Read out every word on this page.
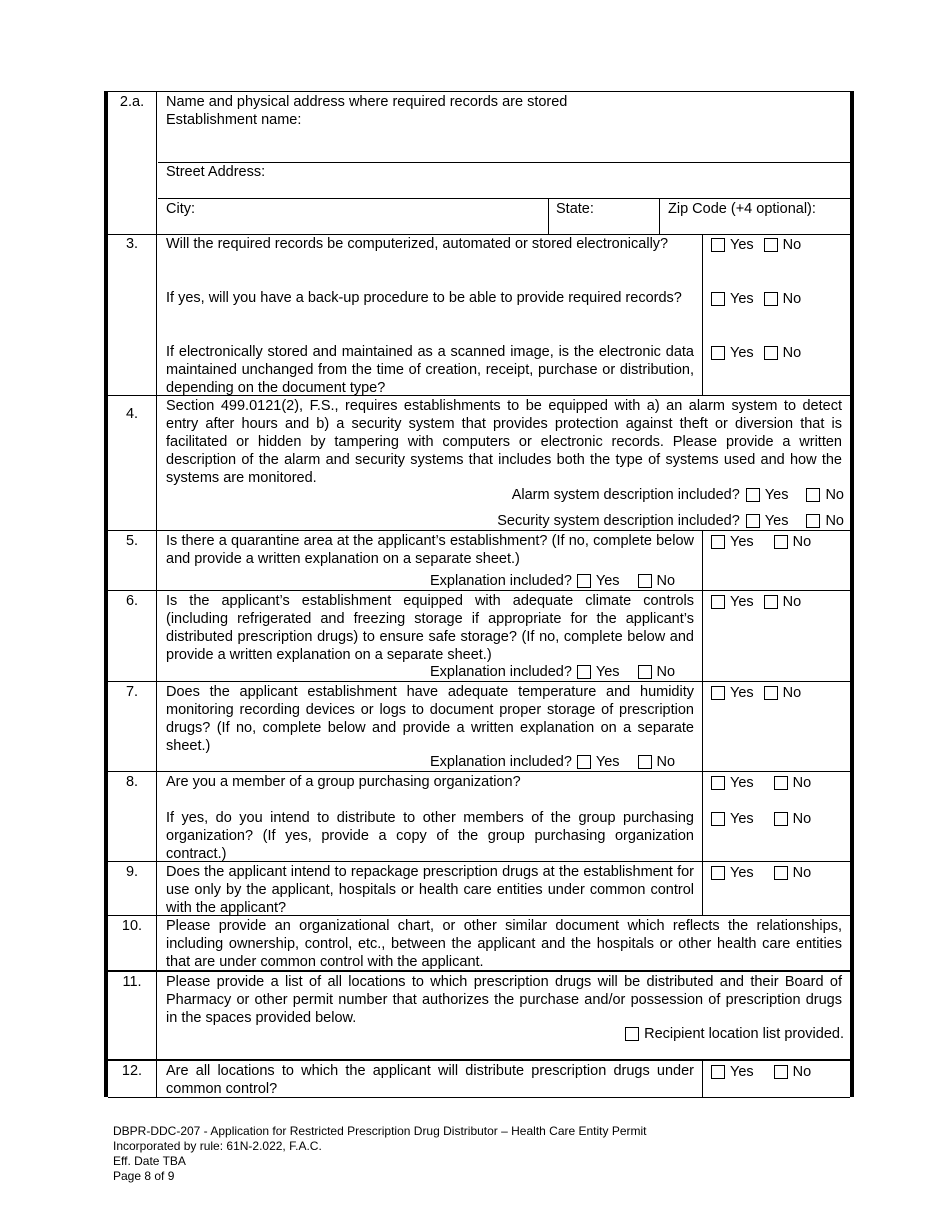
2.a.	Name and physical address where required records are stored
Establishment name:
Street Address:
City:	State:	Zip Code (+4 optional):
3.	Will the required records be computerized, automated or stored electronically?
If yes, will you have a back-up procedure to be able to provide required records?
If electronically stored and maintained as a scanned image, is the electronic data maintained unchanged from the time of creation, receipt, purchase or distribution, depending on the document type?
Yes No
Yes No
Yes No
4.	Section 499.0121(2), F.S., requires establishments to be equipped with a) an alarm system to detect entry after hours and b) a security system that provides protection against theft or diversion that is facilitated or hidden by tampering with computers or electronic records. Please provide a written description of the alarm and security systems that includes both the type of systems used and how the systems are monitored.
Alarm system description included? Yes	No
Security system description included? Yes	No
5.	Is there a quarantine area at the applicant’s establishment? (If no, complete below and provide a written explanation on a separate sheet.)
Explanation included? Yes	No
Yes	No
6.	Is the applicant’s establishment equipped with adequate climate controls (including refrigerated and freezing storage if appropriate for the applicant’s distributed prescription drugs) to ensure safe storage? (If no, complete below and provide a written explanation on a separate sheet.)
Explanation included? Yes	No
Yes No
7.	Does the applicant establishment have adequate temperature and humidity monitoring recording devices or logs to document proper storage of prescription drugs? (If no, complete below and provide a written explanation on a separate sheet.)
Explanation included? Yes	No
Yes No
8.	Are you a member of a group purchasing organization?
If yes, do you intend to distribute to other members of the group purchasing organization? (If yes, provide a copy of the group purchasing organization contract.)
Yes	No
Yes	No
9.	Does the applicant intend to repackage prescription drugs at the establishment for use only by the applicant, hospitals or health care entities under common control with the applicant?
Yes	No
10.	Please provide an organizational chart, or other similar document which reflects the relationships, including ownership, control, etc., between the applicant and the hospitals or other health care entities that are under common control with the applicant.
11.	Please provide a list of all locations to which prescription drugs will be distributed and their Board of Pharmacy or other permit number that authorizes the purchase and/or possession of prescription drugs in the spaces provided below.
Recipient location list provided.
12.	Are all locations to which the applicant will distribute prescription drugs under common control?
Yes	No
DBPR-DDC-207 - Application for Restricted Prescription Drug Distributor – Health Care Entity Permit
Incorporated by rule: 61N-2.022, F.A.C.
Eff. Date TBA
Page 8 of 9
